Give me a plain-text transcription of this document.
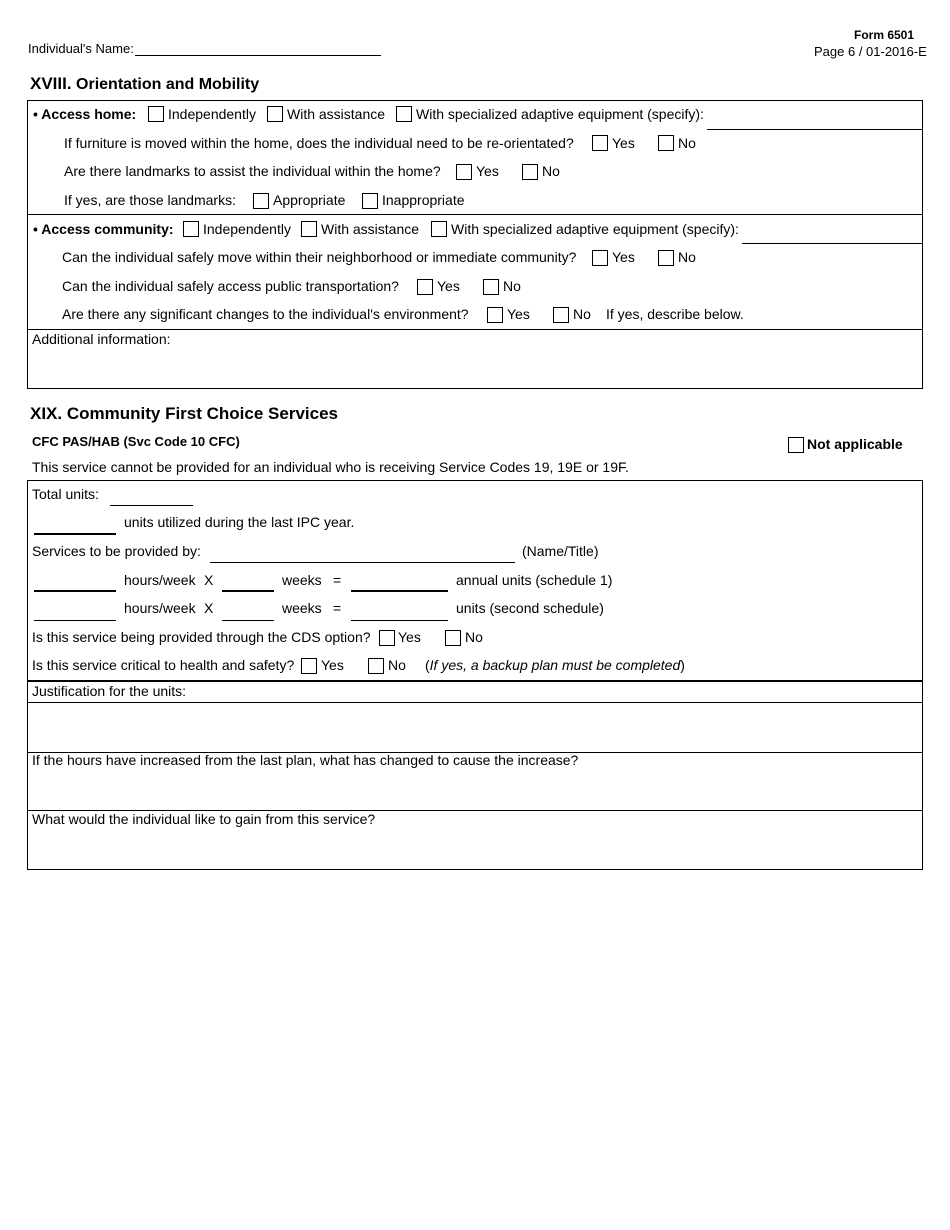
Form 6501
Page 6 / 01-2016-E
Individual's Name:
XVIII. Orientation and Mobility
• Access home: Independently With assistance With specialized adaptive equipment (specify):
If furniture is moved within the home, does the individual need to be re-orientated?	Yes	No
Are there landmarks to assist the individual within the home?	Yes	No
If yes, are those landmarks:	Appropriate	Inappropriate
• Access community: Independently With assistance With specialized adaptive equipment (specify):
Can the individual safely move within their neighborhood or immediate community?	Yes	No
Can the individual safely access public transportation?	Yes	No
Are there any significant changes to the individual's environment?	Yes	No If yes, describe below.
Additional information:
XIX. Community First Choice Services
CFC PAS/HAB (Svc Code 10 CFC)	Not applicable
This service cannot be provided for an individual who is receiving Service Codes 19, 19E or 19F.
Total units:
units utilized during the last IPC year.
Services to be provided by:	(Name/Title)
hours/week X	weeks =	annual units (schedule 1)
hours/week X	weeks =	units (second schedule)
Is this service being provided through the CDS option? Yes	No
Is this service critical to health and safety? Yes	No (If yes, a backup plan must be completed)
Justification for the units:
If the hours have increased from the last plan, what has changed to cause the increase?
What would the individual like to gain from this service?
